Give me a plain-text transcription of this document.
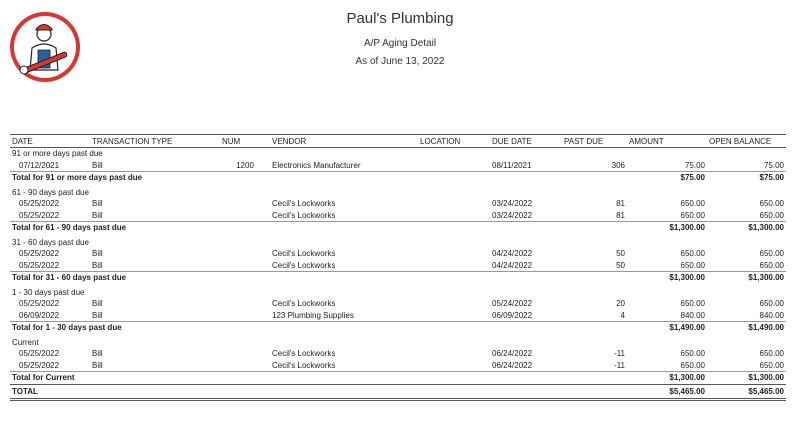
Paul's Plumbing
A/P Aging Detail
As of June 13, 2022
DATE	TRANSACTION TYPE	NUM	VENDOR	LOCATION	DUE DATE	PAST DUE	AMOUNT	OPEN BALANCE
91 or more days past due								
07/12/2021	Bill	1200	Electronics Manufacturer		08/11/2021	306	75.00	75.00
Total for 91 or more days past due							$75.00	$75.00

61 - 90 days past due								
05/25/2022	Bill		Cecil's Lockworks		03/24/2022	81	650.00	650.00
05/25/2022	Bill		Cecil's Lockworks		03/24/2022	81	650.00	650.00
Total for 61 - 90 days past due							$1,300.00	$1,300.00

31 - 60 days past due								
05/25/2022	Bill		Cecil's Lockworks		04/24/2022	50	650.00	650.00
05/25/2022	Bill		Cecil's Lockworks		04/24/2022	50	650.00	650.00
Total for 31 - 60 days past due							$1,300.00	$1,300.00

1 - 30 days past due								
05/25/2022	Bill		Cecil's Lockworks		05/24/2022	20	650.00	650.00
06/09/2022	Bill		123 Plumbing Supplies		06/09/2022	4	840.00	840.00
Total for 1 - 30 days past due							$1,490.00	$1,490.00

Current								
05/25/2022	Bill		Cecil's Lockworks		06/24/2022	-11	650.00	650.00
05/25/2022	Bill		Cecil's Lockworks		06/24/2022	-11	650.00	650.00
Total for Current							$1,300.00	$1,300.00
TOTAL							$5,465.00	$5,465.00
